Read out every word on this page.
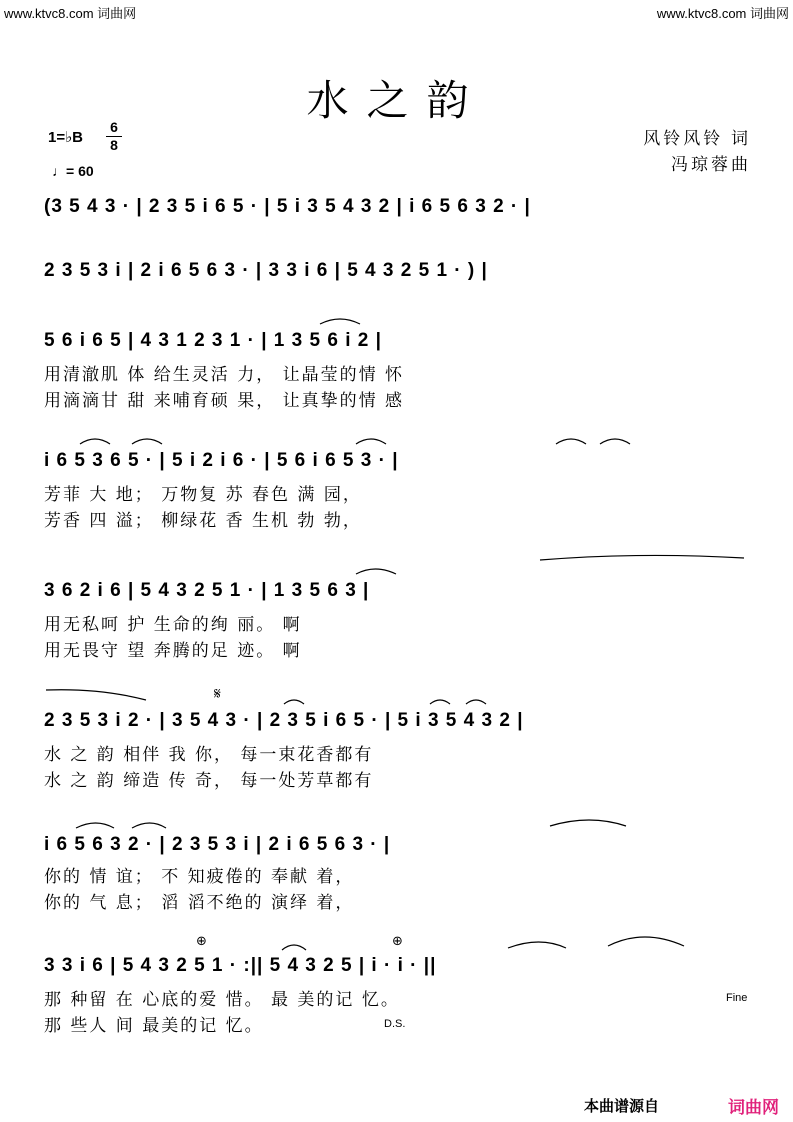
www.ktvc8.com 词曲网	www.ktvc8.com 词曲网
水之韵
风铃风铃 词
冯琼蓉曲
1=♭B
6
8
♩= 60
(3 5 4 3 · | 2 3 5 i 6 5 · | 5 i 3 5 4 3 2 | i 6 5 6 3 2 · |
2 3 5 3 i | 2 i 6 5 6 3 · | 3 3 i 6 | 5 4 3 2 5 1 · ) |
5 6 i 6 5 | 4 3 1 2 3 1 · | 1 3 5 6 i 2 |
用清澈肌 体 给生灵活 力， 让晶莹的情 怀
用滴滴甘 甜 来哺育硕 果， 让真挚的情 感
i 6 5 3 6 5 · | 5 i 2 i 6 · | 5 6 i 6 5 3 · |
芳菲 大 地； 万物复 苏 春色 满 园，
芳香 四 溢； 柳绿花 香 生机 勃 勃，
3 6 2 i 6 | 5 4 3 2 5 1 · | 1 3 5 6 3 |
用无私呵 护 生命的绚 丽。 啊
用无畏守 望 奔腾的足 迹。 啊
𝄋
2 3 5 3 i 2 · | 3 5 4 3 · | 2 3 5 i 6 5 · | 5 i 3 5 4 3 2 |
水 之 韵 相伴 我 你， 每一束花香都有
水 之 韵 缔造 传 奇， 每一处芳草都有
i 6 5 6 3 2 · | 2 3 5 3 i | 2 i 6 5 6 3 · |
你的 情 谊； 不 知疲倦的 奉献 着，
你的 气 息； 滔 滔不绝的 演绎 着，
⊕	⊕
3 3 i 6 | 5 4 3 2 5 1 · :|| 5 4 3 2 5 | i · i · ||
那 种留 在 心底的爱 惜。 最 美的记 忆。
那 些人 间 最美的记 忆。
Fine
D.S.
本曲谱源自	词曲网
